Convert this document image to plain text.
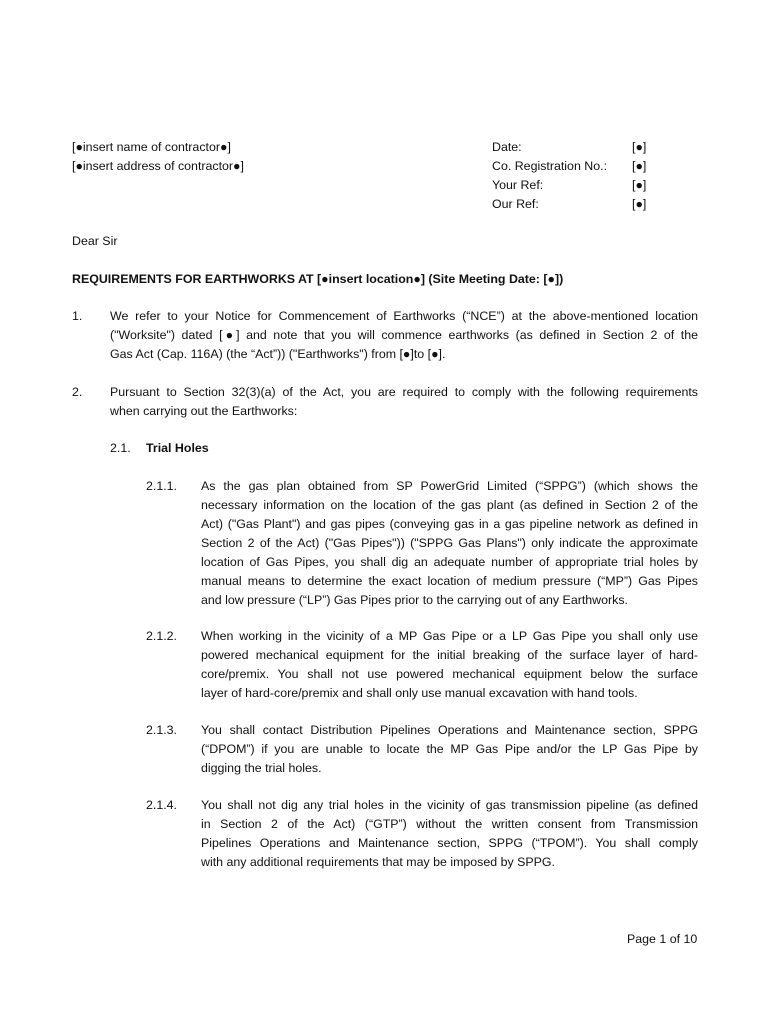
[●insert name of contractor●]
[●insert address of contractor●]
Date:	[●]
Co. Registration No.: [●]
Your Ref:	[●]
Our Ref:	[●]
Dear Sir
REQUIREMENTS FOR EARTHWORKS AT [●insert location●] (Site Meeting Date: [●])
1. We refer to your Notice for Commencement of Earthworks (“NCE”) at the above-mentioned location
("Worksite") dated [●] and note that you will commence earthworks (as defined in Section 2 of the
Gas Act (Cap. 116A) (the “Act”)) ("Earthworks") from [●]to [●].
2. Pursuant to Section 32(3)(a) of the Act, you are required to comply with the following requirements
when carrying out the Earthworks:
2.1. Trial Holes
2.1.1. As the gas plan obtained from SP PowerGrid Limited (“SPPG”) (which shows the
necessary information on the location of the gas plant (as defined in Section 2 of the
Act) ("Gas Plant") and gas pipes (conveying gas in a gas pipeline network as defined in
Section 2 of the Act) ("Gas Pipes")) ("SPPG Gas Plans") only indicate the approximate
location of Gas Pipes, you shall dig an adequate number of appropriate trial holes by
manual means to determine the exact location of medium pressure (“MP”) Gas Pipes
and low pressure (“LP”) Gas Pipes prior to the carrying out of any Earthworks.
2.1.2. When working in the vicinity of a MP Gas Pipe or a LP Gas Pipe you shall only use
powered mechanical equipment for the initial breaking of the surface layer of hard-
core/premix. You shall not use powered mechanical equipment below the surface
layer of hard-core/premix and shall only use manual excavation with hand tools.
2.1.3. You shall contact Distribution Pipelines Operations and Maintenance section, SPPG
(“DPOM”) if you are unable to locate the MP Gas Pipe and/or the LP Gas Pipe by
digging the trial holes.
2.1.4. You shall not dig any trial holes in the vicinity of gas transmission pipeline (as defined
in Section 2 of the Act) (“GTP”) without the written consent from Transmission
Pipelines Operations and Maintenance section, SPPG (“TPOM”). You shall comply
with any additional requirements that may be imposed by SPPG.
Page 1 of 10
